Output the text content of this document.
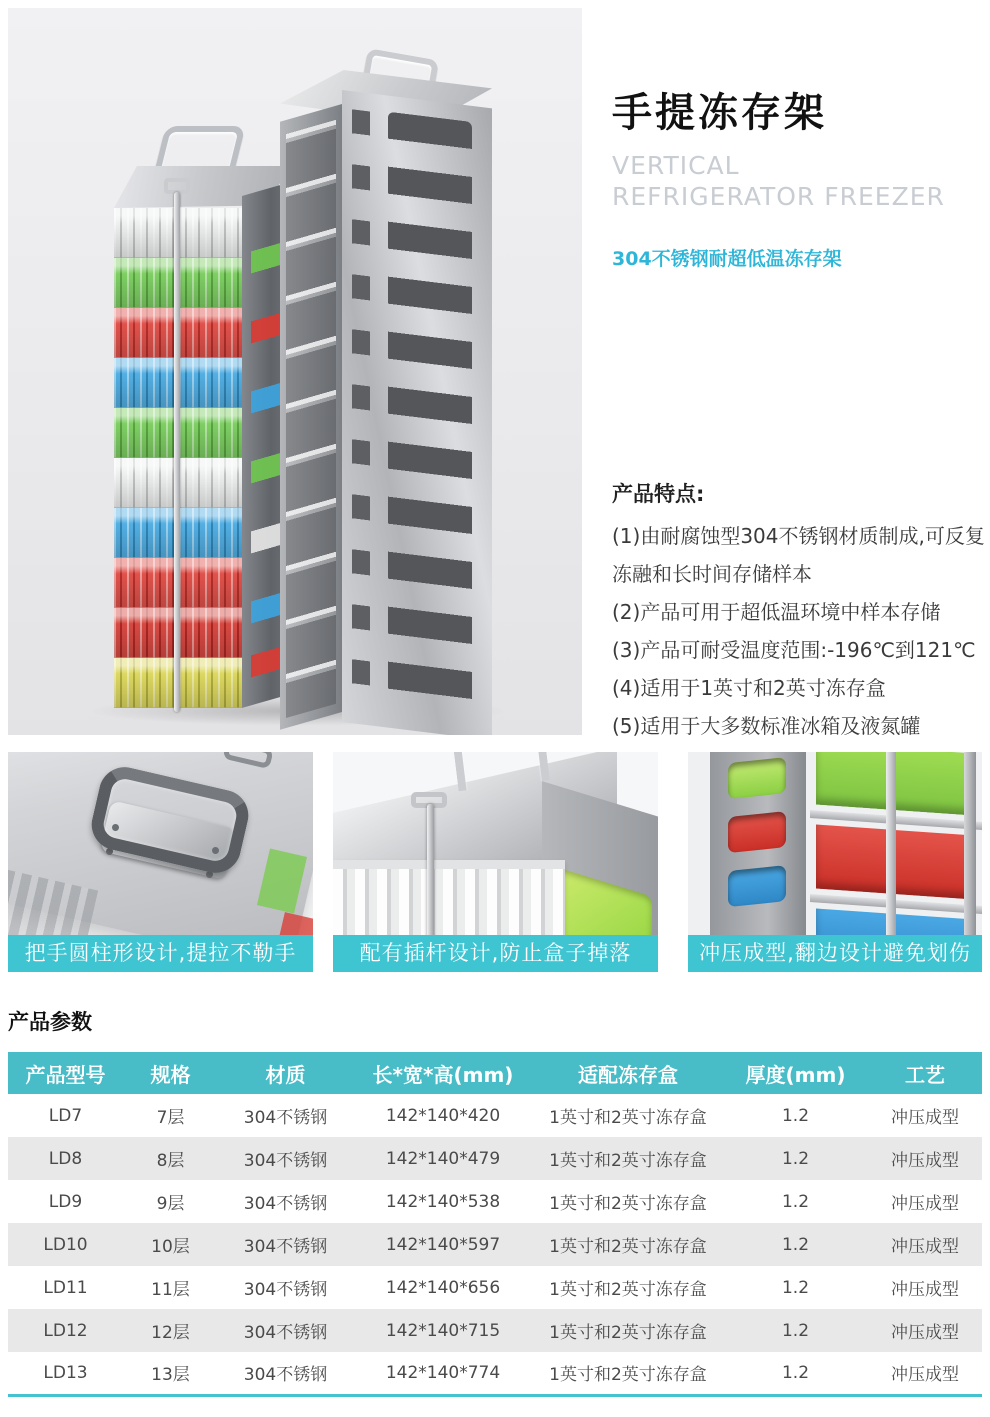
手提冻存架
VERTICAL
REFRIGERATOR FREEZER
304不锈钢耐超低温冻存架
产品特点:

(1)由耐腐蚀型304不锈钢材质制成,可反复冻融和长时间存储样本

(2)产品可用于超低温环境中样本存储

(3)产品可耐受温度范围:-196℃到121℃

(4)适用于1英寸和2英寸冻存盒

(5)适用于大多数标准冰箱及液氮罐

把手圆柱形设计,提拉不勒手	配有插杆设计,防止盒子掉落	冲压成型,翻边设计避免划伤
产品参数
产品型号	规格	材质	长*宽*高(mm)	适配冻存盒	厚度(mm)	工艺
LD7	7层	304不锈钢	142*140*420	1英寸和2英寸冻存盒	1.2	冲压成型
LD8	8层	304不锈钢	142*140*479	1英寸和2英寸冻存盒	1.2	冲压成型
LD9	9层	304不锈钢	142*140*538	1英寸和2英寸冻存盒	1.2	冲压成型
LD10	10层	304不锈钢	142*140*597	1英寸和2英寸冻存盒	1.2	冲压成型
LD11	11层	304不锈钢	142*140*656	1英寸和2英寸冻存盒	1.2	冲压成型
LD12	12层	304不锈钢	142*140*715	1英寸和2英寸冻存盒	1.2	冲压成型
LD13	13层	304不锈钢	142*140*774	1英寸和2英寸冻存盒	1.2	冲压成型
